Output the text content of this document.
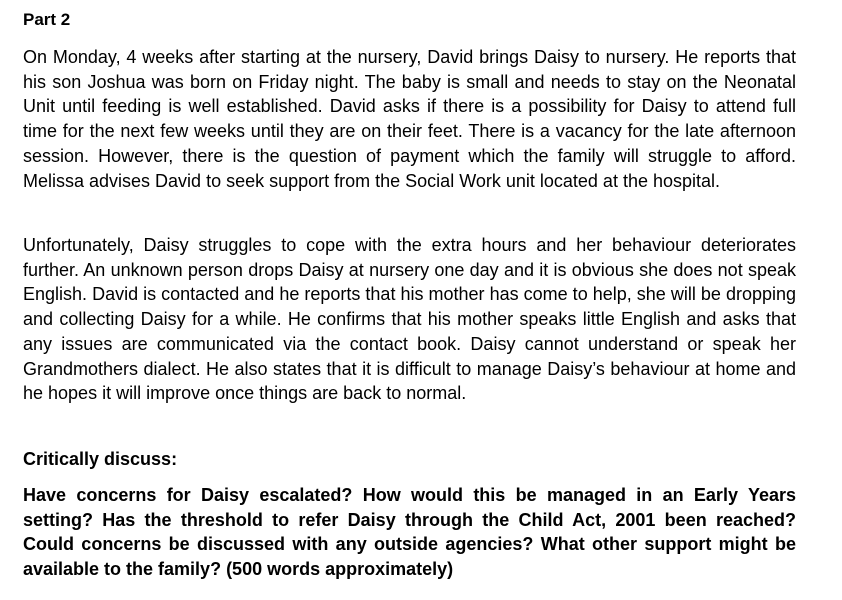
Part 2

On Monday, 4 weeks after starting at the nursery, David brings Daisy to nursery. He reports that his son Joshua was born on Friday night. The baby is small and needs to stay on the Neonatal Unit until feeding is well established. David asks if there is a possibility for Daisy to attend full time for the next few weeks until they are on their feet. There is a vacancy for the late afternoon session. However, there is the question of payment which the family will struggle to afford. Melissa advises David to seek support from the Social Work unit located at the hospital.

Unfortunately, Daisy struggles to cope with the extra hours and her behaviour deteriorates further. An unknown person drops Daisy at nursery one day and it is obvious she does not speak English. David is contacted and he reports that his mother has come to help, she will be dropping and collecting Daisy for a while. He confirms that his mother speaks little English and asks that any issues are communicated via the contact book. Daisy cannot understand or speak her Grandmothers dialect. He also states that it is difficult to manage Daisy’s behaviour at home and he hopes it will improve once things are back to normal.

Critically discuss:

Have concerns for Daisy escalated? How would this be managed in an Early Years setting? Has the threshold to refer Daisy through the Child Act, 2001 been reached? Could concerns be discussed with any outside agencies? What other support might be available to the family? (500 words approximately)
